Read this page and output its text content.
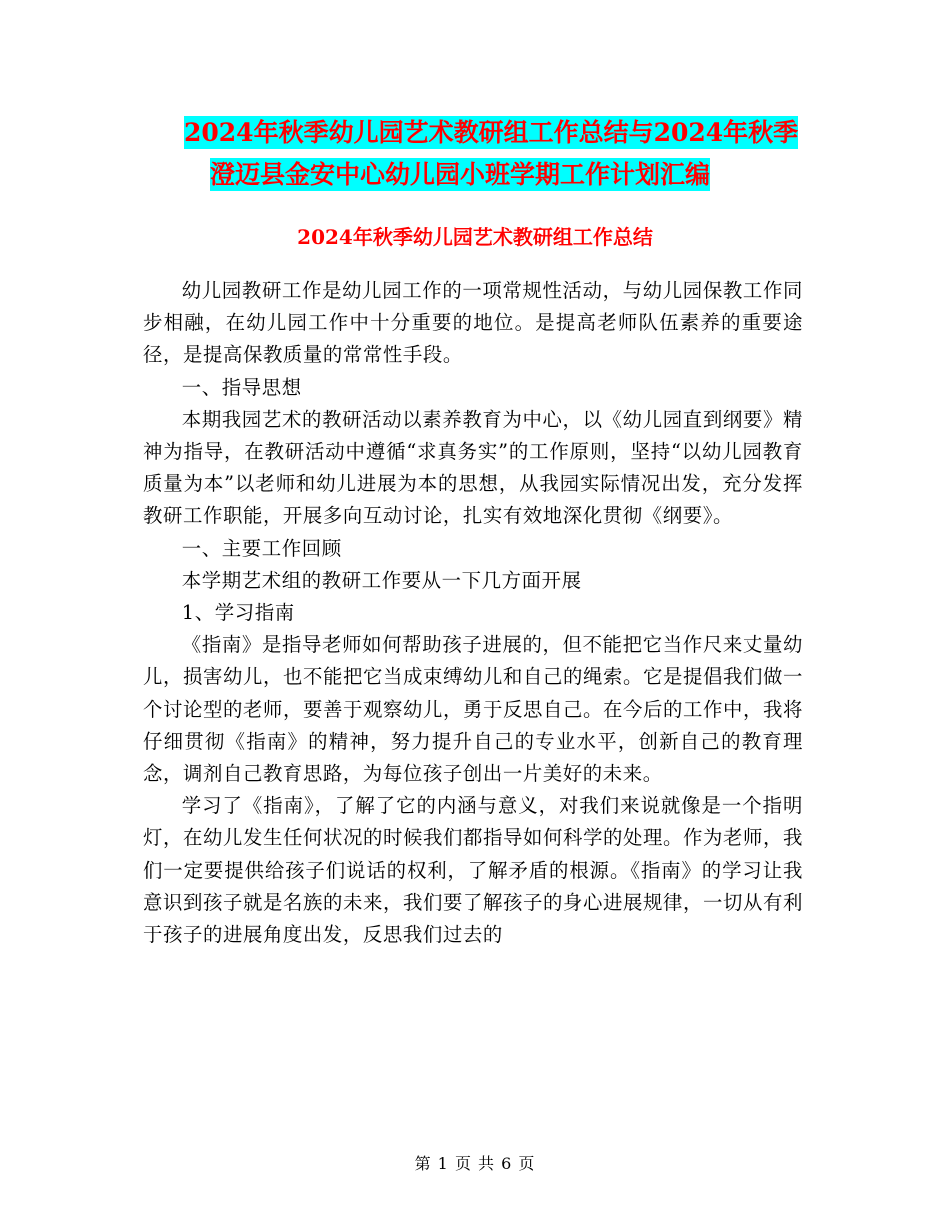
2024年秋季幼儿园艺术教研组工作总结与2024年秋季
澄迈县金安中心幼儿园小班学期工作计划汇编
2024年秋季幼儿园艺术教研组工作总结

幼儿园教研工作是幼儿园工作的一项常规性活动，与幼儿园保教工作同步相融，在幼儿园工作中十分重要的地位。是提高老师队伍素养的重要途径，是提高保教质量的常常性手段。

一、指导思想

本期我园艺术的教研活动以素养教育为中心，以《幼儿园直到纲要》精神为指导，在教研活动中遵循“求真务实”的工作原则，坚持“以幼儿园教育质量为本”以老师和幼儿进展为本的思想，从我园实际情况出发，充分发挥教研工作职能，开展多向互动讨论，扎实有效地深化贯彻《纲要》。

一、主要工作回顾

本学期艺术组的教研工作要从一下几方面开展

1、学习指南

《指南》是指导老师如何帮助孩子进展的，但不能把它当作尺来丈量幼儿，损害幼儿，也不能把它当成束缚幼儿和自己的绳索。它是提倡我们做一个讨论型的老师，要善于观察幼儿，勇于反思自己。在今后的工作中，我将仔细贯彻《指南》的精神，努力提升自己的专业水平，创新自己的教育理念，调剂自己教育思路，为每位孩子创出一片美好的未来。

学习了《指南》，了解了它的内涵与意义，对我们来说就像是一个指明灯，在幼儿发生任何状况的时候我们都指导如何科学的处理。作为老师，我们一定要提供给孩子们说话的权利，了解矛盾的根源。《指南》的学习让我意识到孩子就是名族的未来，我们要了解孩子的身心进展规律，一切从有利于孩子的进展角度出发，反思我们过去的

第 1 页 共 6 页
